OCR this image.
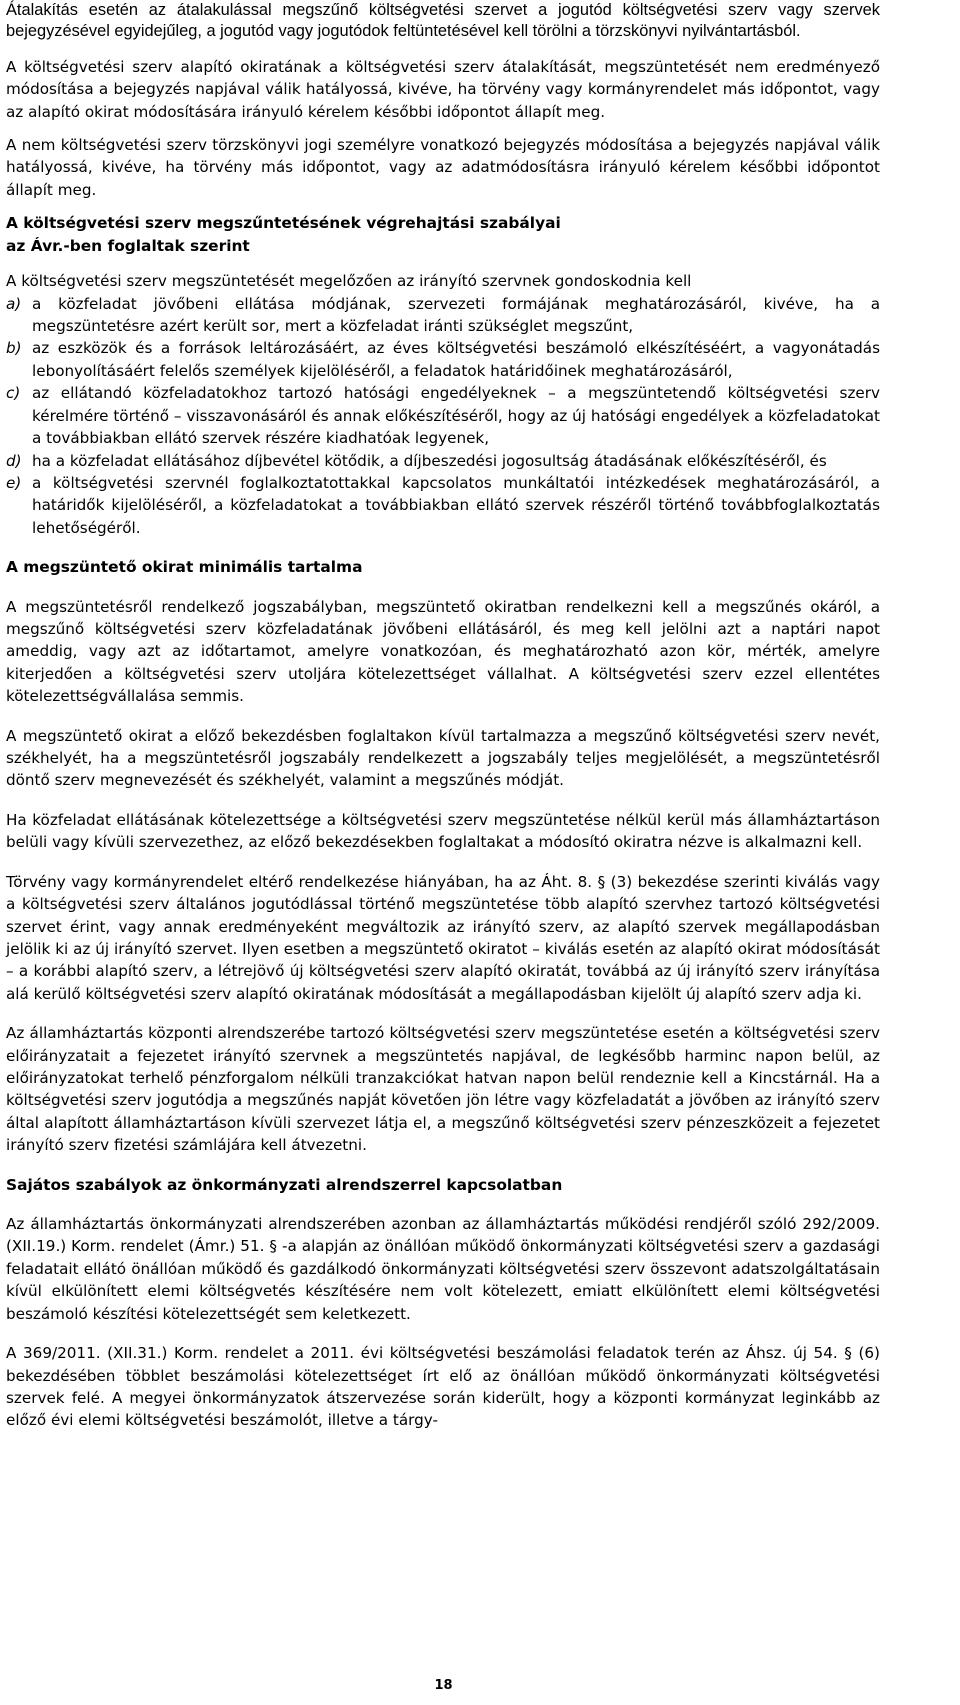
Átalakítás esetén az átalakulással megszűnő költségvetési szervet a jogutód költségvetési szerv vagy szervek bejegyzésével egyidejűleg, a jogutód vagy jogutódok feltüntetésével kell törölni a törzskönyvi nyilvántartásból.

A költségvetési szerv alapító okiratának a költségvetési szerv átalakítását, megszüntetését nem eredményező módosítása a bejegyzés napjával válik hatályossá, kivéve, ha törvény vagy kormányrendelet más időpontot, vagy az alapító okirat módosítására irányuló kérelem későbbi időpontot állapít meg.

A nem költségvetési szerv törzskönyvi jogi személyre vonatkozó bejegyzés módosítása a bejegyzés napjával válik hatályossá, kivéve, ha törvény más időpontot, vagy az adatmódosításra irányuló kérelem későbbi időpontot állapít meg.

A költségvetési szerv megszűntetésének végrehajtási szabályai
az Ávr.-ben foglaltak szerint

A költségvetési szerv megszüntetését megelőzően az irányító szervnek gondoskodnia kell

a) a közfeladat jövőbeni ellátása módjának, szervezeti formájának meghatározásáról, kivéve, ha a megszüntetésre azért került sor, mert a közfeladat iránti szükséglet megszűnt,
b) az eszközök és a források leltározásáért, az éves költségvetési beszámoló elkészítéséért, a vagyonátadás lebonyolításáért felelős személyek kijelöléséről, a feladatok határidőinek meghatározásáról,
c) az ellátandó közfeladatokhoz tartozó hatósági engedélyeknek – a megszüntetendő költségvetési szerv kérelmére történő – visszavonásáról és annak előkészítéséről, hogy az új hatósági engedélyek a közfeladatokat a továbbiakban ellátó szervek részére kiadhatóak legyenek,
d) ha a közfeladat ellátásához díjbevétel kötődik, a díjbeszedési jogosultság átadásának előkészítéséről, és
e) a költségvetési szervnél foglalkoztatottakkal kapcsolatos munkáltatói intézkedések meghatározásáról, a határidők kijelöléséről, a közfeladatokat a továbbiakban ellátó szervek részéről történő továbbfoglalkoztatás lehetőségéről.
A megszüntető okirat minimális tartalma

A megszüntetésről rendelkező jogszabályban, megszüntető okiratban rendelkezni kell a megszűnés okáról, a megszűnő költségvetési szerv közfeladatának jövőbeni ellátásáról, és meg kell jelölni azt a naptári napot ameddig, vagy azt az időtartamot, amelyre vonatkozóan, és meghatározható azon kör, mérték, amelyre kiterjedően a költségvetési szerv utoljára kötelezettséget vállalhat. A költségvetési szerv ezzel ellentétes kötelezettségvállalása semmis.

A megszüntető okirat a előző bekezdésben foglaltakon kívül tartalmazza a megszűnő költségvetési szerv nevét, székhelyét, ha a megszüntetésről jogszabály rendelkezett a jogszabály teljes megjelölését, a megszüntetésről döntő szerv megnevezését és székhelyét, valamint a megszűnés módját.

Ha közfeladat ellátásának kötelezettsége a költségvetési szerv megszüntetése nélkül kerül más államháztartáson belüli vagy kívüli szervezethez, az előző bekezdésekben foglaltakat a módosító okiratra nézve is alkalmazni kell.

Törvény vagy kormányrendelet eltérő rendelkezése hiányában, ha az Áht. 8. § (3) bekezdése szerinti kiválás vagy a költségvetési szerv általános jogutódlással történő megszüntetése több alapító szervhez tartozó költségvetési szervet érint, vagy annak eredményeként megváltozik az irányító szerv, az alapító szervek megállapodásban jelölik ki az új irányító szervet. Ilyen esetben a megszüntető okiratot – kiválás esetén az alapító okirat módosítását – a korábbi alapító szerv, a létrejövő új költségvetési szerv alapító okiratát, továbbá az új irányító szerv irányítása alá kerülő költségvetési szerv alapító okiratának módosítását a megállapodásban kijelölt új alapító szerv adja ki.

Az államháztartás központi alrendszerébe tartozó költségvetési szerv megszüntetése esetén a költségvetési szerv előirányzatait a fejezetet irányító szervnek a megszüntetés napjával, de legkésőbb harminc napon belül, az előirányzatokat terhelő pénzforgalom nélküli tranzakciókat hatvan napon belül rendeznie kell a Kincstárnál. Ha a költségvetési szerv jogutódja a megszűnés napját követően jön létre vagy közfeladatát a jövőben az irányító szerv által alapított államháztartáson kívüli szervezet látja el, a megszűnő költségvetési szerv pénzeszközeit a fejezetet irányító szerv fizetési számlájára kell átvezetni.

Sajátos szabályok az önkormányzati alrendszerrel kapcsolatban

Az államháztartás önkormányzati alrendszerében azonban az államháztartás működési rendjéről szóló 292/2009. (XII.19.) Korm. rendelet (Ámr.) 51. § -a alapján az önállóan működő önkormányzati költségvetési szerv a gazdasági feladatait ellátó önállóan működő és gazdálkodó önkormányzati költségvetési szerv összevont adatszolgáltatásain kívül elkülönített elemi költségvetés készítésére nem volt kötelezett, emiatt elkülönített elemi költségvetési beszámoló készítési kötelezettségét sem keletkezett.

A 369/2011. (XII.31.) Korm. rendelet a 2011. évi költségvetési beszámolási feladatok terén az Áhsz. új 54. § (6) bekezdésében többlet beszámolási kötelezettséget írt elő az önállóan működő önkormányzati költségvetési szervek felé. A megyei önkormányzatok átszervezése során kiderült, hogy a központi kormányzat leginkább az előző évi elemi költségvetési beszámolót, illetve a tárgy-

18
